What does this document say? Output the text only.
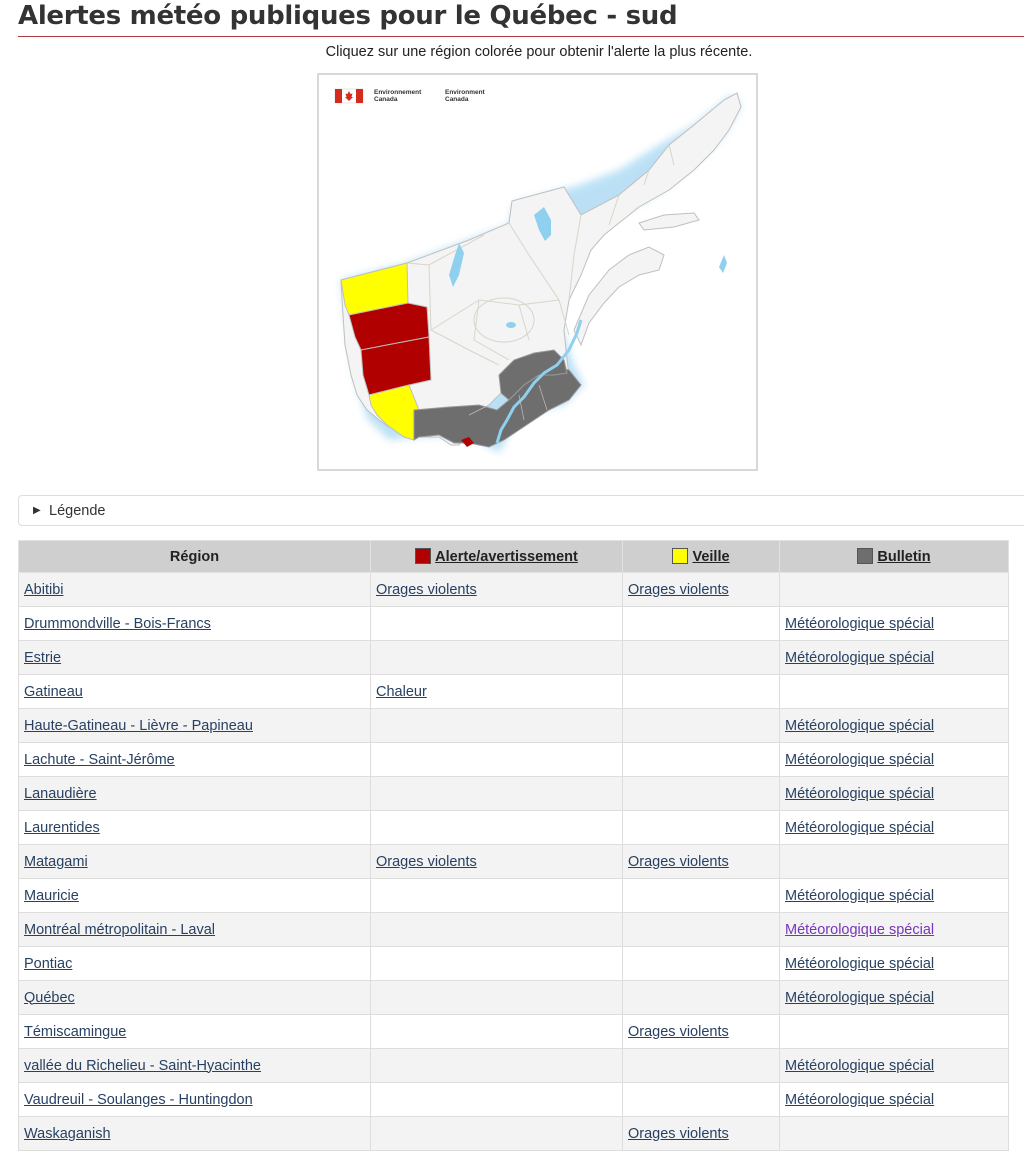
Alertes météo publiques pour le Québec - sud
Cliquez sur une région colorée pour obtenir l'alerte la plus récente.
Environnement
Canada
Environment
Canada
▶ Légende
Région	Alerte/avertissement	Veille	Bulletin
Abitibi	Orages violents	Orages violents	
Drummondville - Bois-Francs			Météorologique spécial
Estrie			Météorologique spécial
Gatineau	Chaleur		
Haute-Gatineau - Lièvre - Papineau			Météorologique spécial
Lachute - Saint-Jérôme			Météorologique spécial
Lanaudière			Météorologique spécial
Laurentides			Météorologique spécial
Matagami	Orages violents	Orages violents	
Mauricie			Météorologique spécial
Montréal métropolitain - Laval			Météorologique spécial
Pontiac			Météorologique spécial
Québec			Météorologique spécial
Témiscamingue		Orages violents	
vallée du Richelieu - Saint-Hyacinthe			Météorologique spécial
Vaudreuil - Soulanges - Huntingdon			Météorologique spécial
Waskaganish		Orages violents	
